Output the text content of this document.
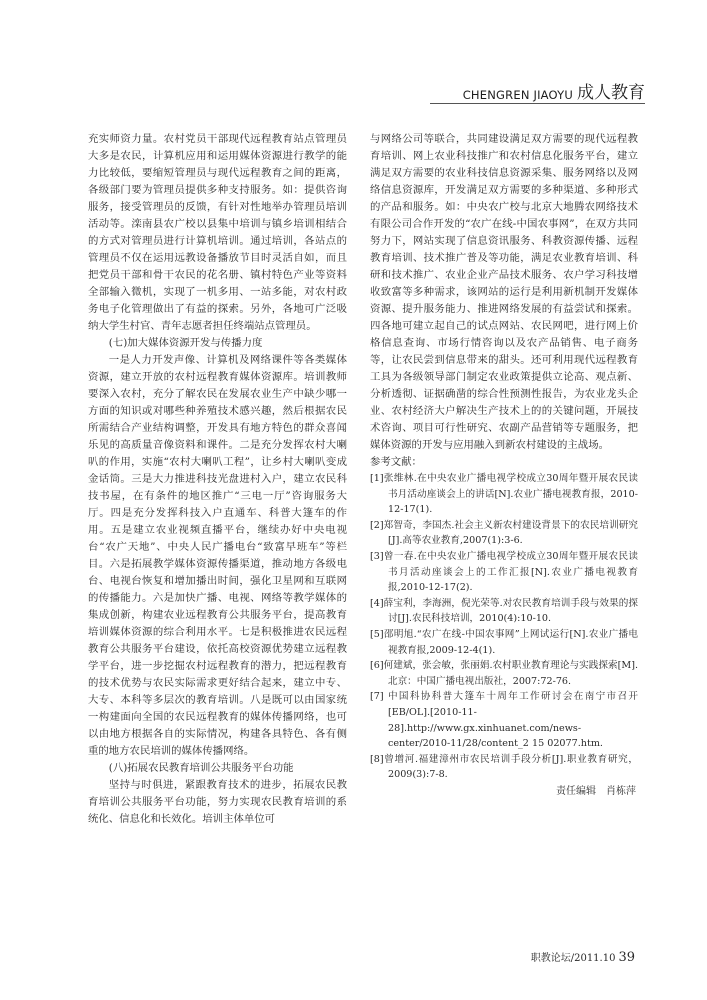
CHENGREN JIAOYU 成人教育

充实师资力量。农村党员干部现代远程教育站点管理员大多是农民，计算机应用和运用媒体资源进行教学的能力比较低，要缩短管理员与现代远程教育之间的距离，各级部门要为管理员提供多种支持服务。如：提供咨询服务，接受管理员的反馈，有针对性地举办管理员培训活动等。滦南县农广校以县集中培训与镇乡培训相结合的方式对管理员进行计算机培训。通过培训，各站点的管理员不仅在运用远教设备播放节目时灵活自如，而且把党员干部和骨干农民的花名册、镇村特色产业等资料全部输入微机，实现了一机多用、一站多能，对农村政务电子化管理做出了有益的探索。另外，各地可广泛吸纳大学生村官、青年志愿者担任终端站点管理员。

(七)加大媒体资源开发与传播力度

一是人力开发声像、计算机及网络课件等各类媒体资源，建立开放的农村远程教育媒体资源库。培训教师要深入农村，充分了解农民在发展农业生产中缺少哪一方面的知识或对哪些种养殖技术感兴趣，然后根据农民所需结合产业结构调整，开发具有地方特色的群众喜闻乐见的高质量音像资料和课件。二是充分发挥农村大喇叭的作用，实施“农村大喇叭工程”，让乡村大喇叭变成金话筒。三是大力推进科技光盘进村入户，建立农民科技书屋，在有条件的地区推广“三电一厅”咨询服务大厅。四是充分发挥科技入户直通车、科普大篷车的作用。五是建立农业视频直播平台，继续办好中央电视台“农广天地”、中央人民广播电台“致富早班车”等栏目。六是拓展教学媒体资源传播渠道，推动地方各级电台、电视台恢复和增加播出时间，强化卫星网和互联网的传播能力。六是加快广播、电视、网络等教学媒体的集成创新，构建农业远程教育公共服务平台，提高教育培训媒体资源的综合利用水平。七是积极推进农民远程教育公共服务平台建设，依托高校资源优势建立远程教学平台，进一步挖掘农村远程教育的潜力，把远程教育的技术优势与农民实际需求更好结合起来，建立中专、大专、本科等多层次的教育培训。八是既可以由国家统一构建面向全国的农民远程教育的媒体传播网络，也可以由地方根据各自的实际情况，构建各具特色、各有侧重的地方农民培训的媒体传播网络。

(八)拓展农民教育培训公共服务平台功能

坚持与时俱进，紧跟教育技术的进步，拓展农民教育培训公共服务平台功能，努力实现农民教育培训的系统化、信息化和长效化。培训主体单位可

与网络公司等联合，共同建设满足双方需要的现代远程教育培训、网上农业科技推广和农村信息化服务平台，建立满足双方需要的农业科技信息资源采集、服务网络以及网络信息资源库，开发满足双方需要的多种渠道、多种形式的产品和服务。如：中央农广校与北京大地腾农网络技术有限公司合作开发的“农广在线-中国农事网”，在双方共同努力下，网站实现了信息资讯服务、科教资源传播、远程教育培训、技术推广普及等功能，满足农业教育培训、科研和技术推广、农业企业产品技术服务、农户学习科技增收致富等多种需求，该网站的运行是利用新机制开发媒体资源、提升服务能力、推进网络发展的有益尝试和探索。四各地可建立起自己的试点网站、农民网吧，进行网上价格信息查询、市场行情咨询以及农产品销售、电子商务等，让农民尝到信息带来的甜头。还可利用现代远程教育工具为各级领导部门制定农业政策提供立论高、观点新、分析透彻、证据确凿的综合性预测性报告，为农业龙头企业、农村经济大户解决生产技术上的的关键问题，开展技术咨询、项目可行性研究、农副产品营销等专题服务，把媒体资源的开发与应用融入到新农村建设的主战场。

参考文献：

[1]张维林.在中央农业广播电视学校成立30周年暨开展农民读书月活动座谈会上的讲话[N].农业广播电视教育报，2010-12-17(1).

[2]郑智奇，李国杰.社会主义新农村建设背景下的农民培训研究[J].高等农业教育,2007(1):3-6.

[3]曾一春.在中央农业广播电视学校成立30周年暨开展农民读书月活动座谈会上的工作汇报[N].农业广播电视教育报,2010-12-17(2).

[4]薛宝利，李海洲，倪光荣等.对农民教育培训手段与效果的探讨[J].农民科技培训，2010(4):10-10.

[5]邵明旭.“农广在线-中国农事网”上网试运行[N].农业广播电视教育报,2009-12-4(1).

[6]何建斌，张会敏，张丽娟.农村职业教育理论与实践探索[M].北京：中国广播电视出版社，2007:72-76.

[7] 中国科协科普大篷车十周年工作研讨会在南宁市召开[EB/OL].[2010-11-28].http://www.gx.xinhuanet.com/news-center/2010-11/28/content_2 15 02077.htm.

[8]曾增河.福建漳州市农民培训手段分析[J].职业教育研究，2009(3):7-8.

责任编辑　肖栋萍

职教论坛/2011.10 39
